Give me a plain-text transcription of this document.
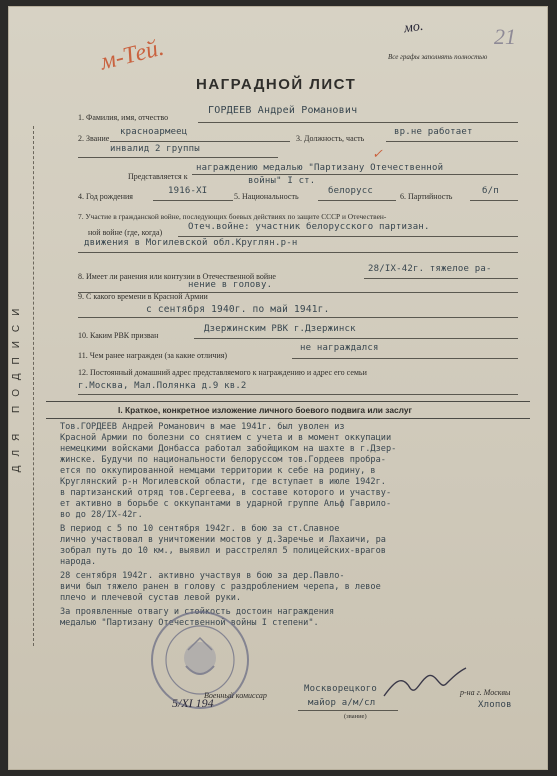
мо.	21
Все графы заполнять полностью
м-Тей.
НАГРАДНОЙ ЛИСТ
ДЛЯ ПОДПИСИ
1. Фамилия, имя, отчество
ГОРДЕЕВ Андрей Романович
2. Звание
красноармеец
инвалид 2 группы
3. Должность, часть
вр.не работает
Представляется к
награждению медалью "Партизану Отечественной
войны" I ст.
✓
4. Год рождения
1916-XI
5. Национальность
белорусс
6. Партийность
б/п
7. Участие в гражданской войне, последующих боевых действиях по защите СССР и Отечествен-
ной войне (где, когда)
Отеч.войне: участник белорусского партизан.
движения в Могилевской обл.Круглян.р-н
8. Имеет ли ранения или контузии в Отечественной войне
28/IX-42г. тяжелое ра-
нение в голову.
9. С какого времени в Красной Армии
с сентября 1940г. по май 1941г.
10. Каким РВК призван
Дзержинским РВК г.Дзержинск
11. Чем ранее награжден (за какие отличия)
не награждался
12. Постоянный домашний адрес представляемого к награждению и адрес его семьи
г.Москва, Мал.Полянка д.9 кв.2
I. Краткое, конкретное изложение личного боевого подвига или заслуг
Тов.ГОРДЕЕВ Андрей Романович в мае 1941г. был уволен из
Красной Армии по болезни со снятием с учета и в момент оккупации
немецкими войсками Донбасса работал забойщиком на шахте в г.Дзер-
жинске. Будучи по национальности белоруссом тов.Гордеев пробра-
ется по оккупированной немцами территории к себе на родину, в
Круглянский р-н Могилевской области, где вступает в июле 1942г.
в партизанский отряд тов.Сергеева, в составе которого и участву-
ет активно в борьбе с оккупантами в ударной группе Альф Гаврило-
во до 28/IX-42г.
В период с 5 по 10 сентября 1942г. в бою за ст.Славное
лично участвовал в уничтожении мостов у д.Заречье и Лахаичи, ра
зобрал путь до 10 км., выявил и расстрелял 5 полицейских-врагов
народа.
28 сентября 1942г. активно участвуя в бою за дер.Павло-
вичи был тяжело ранен в голову с раздроблением черепа, в левое
плечо и плечевой сустав левой руки.
За проявленные отвагу и стойкость достоин награждения
медалью "Партизану Отечественной войны I степени".
5/XI 194
Военный комиссар
Москворецкого
майор а/м/сл
(звание)
р-на г. Москвы
Хлопов
